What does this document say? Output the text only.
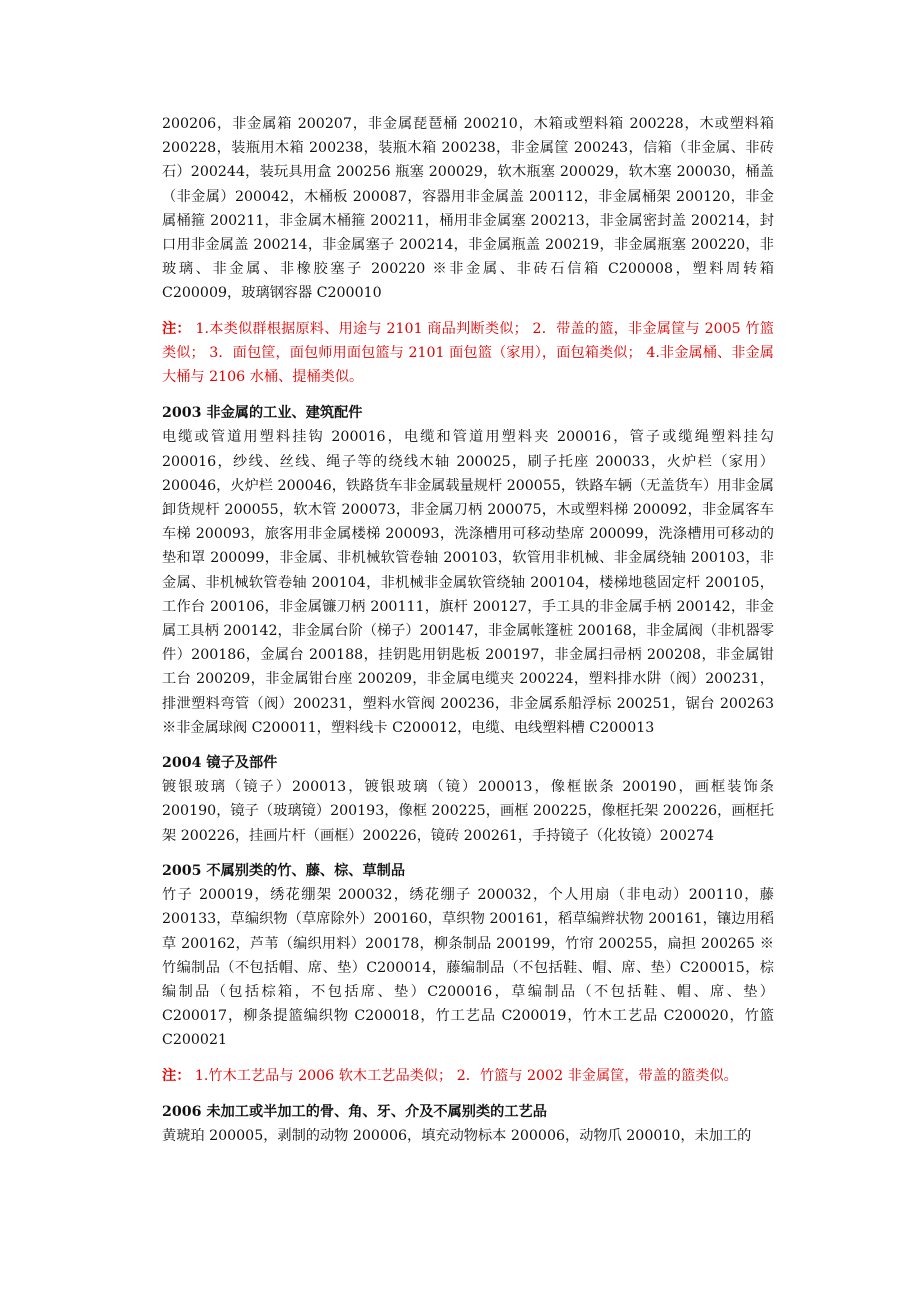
200206，非金属箱 200207，非金属琵琶桶 200210，木箱或塑料箱 200228，木或塑料箱 200228，装瓶用木箱 200238，装瓶木箱 200238，非金属筐 200243，信箱（非金属、非砖石）200244，装玩具用盒 200256 瓶塞 200029，软木瓶塞 200029，软木塞 200030，桶盖（非金属）200042，木桶板 200087，容器用非金属盖 200112，非金属桶架 200120，非金属桶箍 200211，非金属木桶箍 200211，桶用非金属塞 200213，非金属密封盖 200214，封口用非金属盖 200214，非金属塞子 200214，非金属瓶盖 200219，非金属瓶塞 200220，非玻璃、非金属、非橡胶塞子 200220 ※非金属、非砖石信箱 C200008，塑料周转箱 C200009，玻璃钢容器 C200010

注： 1.本类似群根据原料、用途与 2101 商品判断类似； 2．带盖的篮，非金属筐与 2005 竹篮类似； 3．面包筐，面包师用面包篮与 2101 面包篮（家用），面包箱类似； 4.非金属桶、非金属大桶与 2106 水桶、提桶类似。

2003 非金属的工业、建筑配件

电缆或管道用塑料挂钩 200016，电缆和管道用塑料夹 200016，管子或缆绳塑料挂勾 200016，纱线、丝线、绳子等的绕线木轴 200025，刷子托座 200033，火炉栏（家用）200046，火炉栏 200046，铁路货车非金属载量规杆 200055，铁路车辆（无盖货车）用非金属卸货规杆 200055，软木管 200073，非金属刀柄 200075，木或塑料梯 200092，非金属客车车梯 200093，旅客用非金属楼梯 200093，洗涤槽用可移动垫席 200099，洗涤槽用可移动的垫和罩 200099，非金属、非机械软管卷轴 200103，软管用非机械、非金属绕轴 200103，非金属、非机械软管卷轴 200104，非机械非金属软管绕轴 200104，楼梯地毯固定杆 200105，工作台 200106，非金属镰刀柄 200111，旗杆 200127，手工具的非金属手柄 200142，非金属工具柄 200142，非金属台阶（梯子）200147，非金属帐篷桩 200168，非金属阀（非机器零件）200186，金属台 200188，挂钥匙用钥匙板 200197，非金属扫帚柄 200208，非金属钳工台 200209，非金属钳台座 200209，非金属电缆夹 200224，塑料排水阱（阀）200231，排泄塑料弯管（阀）200231，塑料水管阀 200236，非金属系船浮标 200251，锯台 200263 ※非金属球阀 C200011，塑料线卡 C200012，电缆、电线塑料槽 C200013

2004 镜子及部件

镀银玻璃（镜子）200013，镀银玻璃（镜）200013，像框嵌条 200190，画框装饰条 200190，镜子（玻璃镜）200193，像框 200225，画框 200225，像框托架 200226，画框托架 200226，挂画片杆（画框）200226，镜砖 200261，手持镜子（化妆镜）200274

2005 不属别类的竹、藤、棕、草制品

竹子 200019，绣花绷架 200032，绣花绷子 200032，个人用扇（非电动）200110，藤 200133，草编织物（草席除外）200160，草织物 200161，稻草编辫状物 200161，镶边用稻草 200162，芦苇（编织用料）200178，柳条制品 200199，竹帘 200255，扁担 200265 ※竹编制品（不包括帽、席、垫）C200014，藤编制品（不包括鞋、帽、席、垫）C200015，棕编制品（包括棕箱，不包括席、垫）C200016，草编制品（不包括鞋、帽、席、垫）C200017，柳条提篮编织物 C200018，竹工艺品 C200019，竹木工艺品 C200020，竹篮 C200021

注： 1.竹木工艺品与 2006 软木工艺品类似； 2．竹篮与 2002 非金属筐，带盖的篮类似。

2006 未加工或半加工的骨、角、牙、介及不属别类的工艺品

黄琥珀 200005，剥制的动物 200006，填充动物标本 200006，动物爪 200010，未加工的
